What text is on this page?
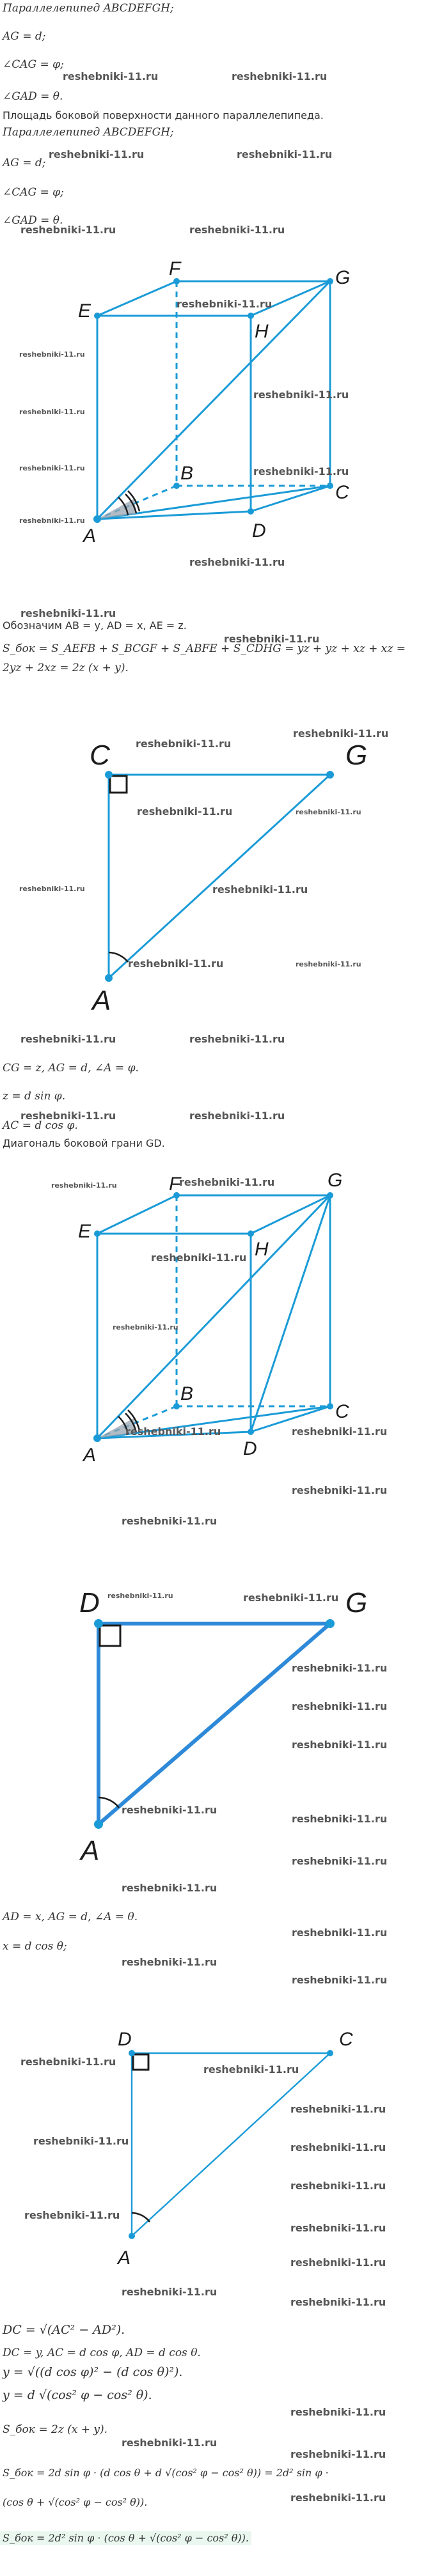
Параллелепипед ABCDEFGH;
AG = d;
∠CAG = φ;
∠GAD = θ.
Площадь боковой поверхности данного параллелепипеда.
reshebniki-11.ru	reshebniki-11.ru
Параллелепипед ABCDEFGH;
AG = d;
∠CAG = φ;
∠GAD = θ.
reshebniki-11.ru	reshebniki-11.ru
reshebniki-11.ru	reshebniki-11.ru
E
F	G
H
B
C
D
A
reshebniki-11.ru
reshebniki-11.ru
reshebniki-11.ru
reshebniki-11.ru
reshebniki-11.ru	reshebniki-11.ru
reshebniki-11.ru
reshebniki-11.ru
reshebniki-11.ru
reshebniki-11.ru
Обозначим AB = y, AD = x, AE = z.
S_бок = S_AEFB + S_BCGF + S_ABFE + S_CDHG = yz + yz + xz + xz =
2yz + 2xz = 2z (x + y).
C	G
A
reshebniki-11.ru
reshebniki-11.ru
reshebniki-11.ru	reshebniki-11.ru
reshebniki-11.ru	reshebniki-11.ru
reshebniki-11.ru	reshebniki-11.ru
reshebniki-11.ru	reshebniki-11.ru
CG = z, AG = d, ∠A = φ.
z = d sin φ.
reshebniki-11.ru	reshebniki-11.ru
AC = d cos φ.
Диагональ боковой грани GD.
E
F	G
H
B
C
D
A
reshebniki-11.ru
reshebniki-11.ru
reshebniki-11.ru
reshebniki-11.ru
reshebniki-11.ru	reshebniki-11.ru
reshebniki-11.ru
reshebniki-11.ru
D	G
A
reshebniki-11.ru	reshebniki-11.ru
reshebniki-11.ru
reshebniki-11.ru
reshebniki-11.ru
reshebniki-11.ru
reshebniki-11.ru
reshebniki-11.ru
reshebniki-11.ru
reshebniki-11.ru
reshebniki-11.ru
reshebniki-11.ru
AD = x, AG = d, ∠A = θ.
x = d cos θ;
D	C
A
reshebniki-11.ru
reshebniki-11.ru
reshebniki-11.ru
reshebniki-11.ru
reshebniki-11.ru
reshebniki-11.ru
reshebniki-11.ru
reshebniki-11.ru
reshebniki-11.ru
reshebniki-11.ru
reshebniki-11.ru
DC = √(AC² − AD²).
DC = y, AC = d cos φ, AD = d cos θ.
y = √((d cos φ)² − (d cos θ)²).
y = d √(cos² φ − cos² θ).
reshebniki-11.ru
reshebniki-11.ru
reshebniki-11.ru
S_бок = 2z (x + y).
S_бок = 2d sin φ · (d cos θ + d √(cos² φ − cos² θ)) = 2d² sin φ ·
(cos θ + √(cos² φ − cos² θ)).	reshebniki-11.ru
S_бок = 2d² sin φ · (cos θ + √(cos² φ − cos² θ)).
